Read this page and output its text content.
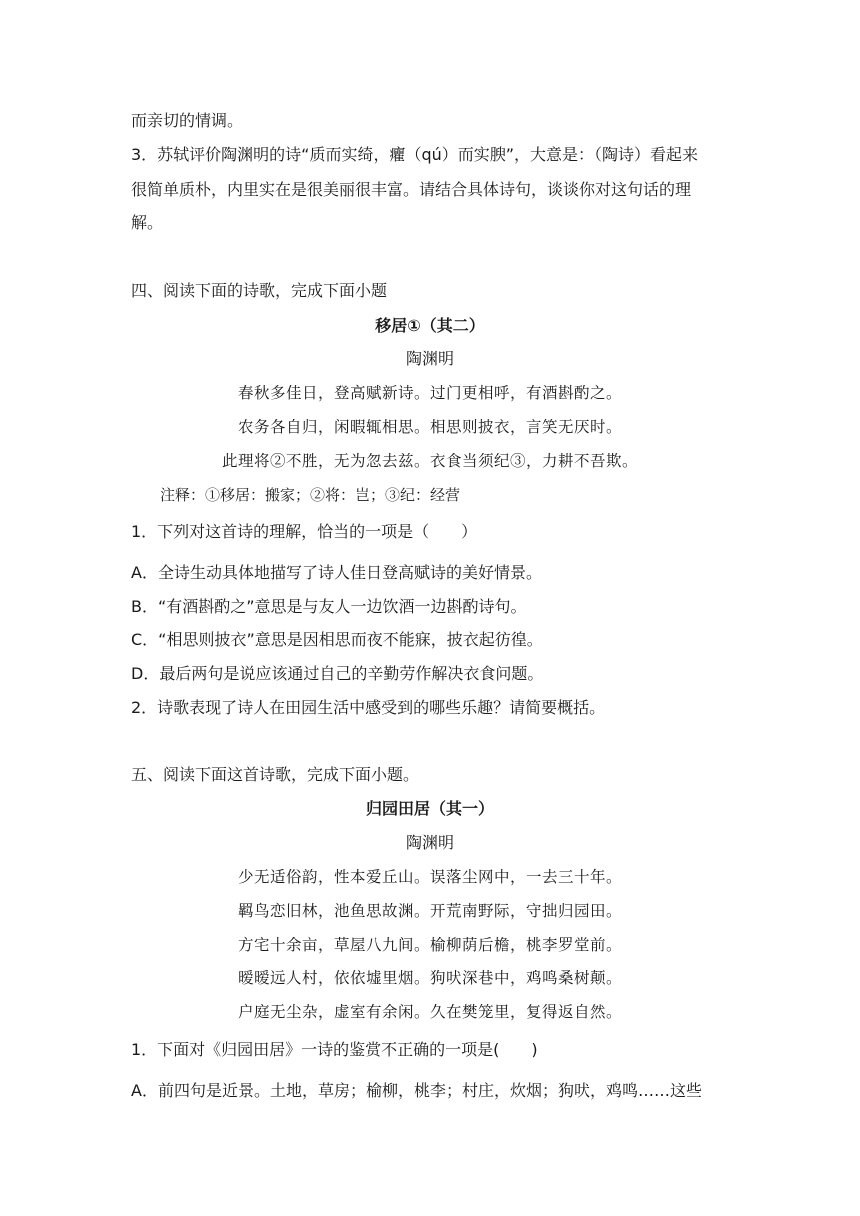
而亲切的情调。
3．苏轼评价陶渊明的诗“质而实绮，癯（qú）而实腴”，大意是：（陶诗）看起来
很简单质朴，内里实在是很美丽很丰富。请结合具体诗句，谈谈你对这句话的理
解。
四、阅读下面的诗歌，完成下面小题
移居①（其二）
陶渊明
春秋多佳日，登高赋新诗。过门更相呼，有酒斟酌之。
农务各自归，闲暇辄相思。相思则披衣，言笑无厌时。
此理将②不胜，无为忽去兹。衣食当须纪③，力耕不吾欺。
注释：①移居：搬家；②将：岂；③纪：经营
1．下列对这首诗的理解，恰当的一项是（　　）
A．全诗生动具体地描写了诗人佳日登高赋诗的美好情景。
B．“有酒斟酌之”意思是与友人一边饮酒一边斟酌诗句。
C．“相思则披衣”意思是因相思而夜不能寐，披衣起彷徨。
D．最后两句是说应该通过自己的辛勤劳作解决衣食问题。
2．诗歌表现了诗人在田园生活中感受到的哪些乐趣？请简要概括。
五、阅读下面这首诗歌，完成下面小题。
归园田居（其一）
陶渊明
少无适俗韵，性本爱丘山。误落尘网中，一去三十年。
羁鸟恋旧林，池鱼思故渊。开荒南野际，守拙归园田。
方宅十余亩，草屋八九间。榆柳荫后檐，桃李罗堂前。
暧暧远人村，依依墟里烟。狗吠深巷中，鸡鸣桑树颠。
户庭无尘杂，虚室有余闲。久在樊笼里，复得返自然。
1．下面对《归园田居》一诗的鉴赏不正确的一项是(　　)
A．前四句是近景。土地，草房；榆柳，桃李；村庄，炊烟；狗吠，鸡鸣……这些
